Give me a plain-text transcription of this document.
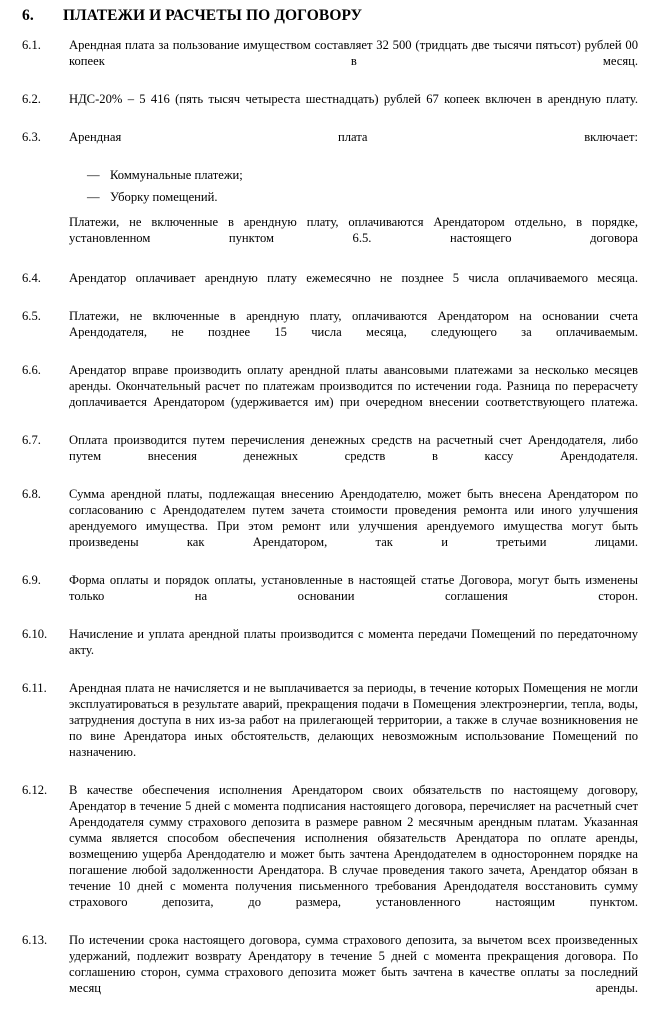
6.	ПЛАТЕЖИ И РАСЧЕТЫ ПО ДОГОВОРУ
6.1.	Арендная плата за пользование имуществом составляет 32 500 (тридцать две тысячи пятьсот) рублей 00 копеек в месяц.

6.2.	НДС-20% – 5 416 (пять тысяч четыреста шестнадцать) рублей 67 копеек включен в арендную плату.

6.3.	Арендная плата включает:

— Коммунальные платежи;
— Уборку помещений.

Платежи, не включенные в арендную плату, оплачиваются Арендатором отдельно, в порядке, установленном пунктом 6.5. настоящего договора

6.4.	Арендатор оплачивает арендную плату ежемесячно не позднее 5 числа оплачиваемого месяца.

6.5.	Платежи, не включенные в арендную плату, оплачиваются Арендатором на основании счета Арендодателя, не позднее 15 числа месяца, следующего за оплачиваемым.

6.6.	Арендатор вправе производить оплату арендной платы авансовыми платежами за несколько месяцев аренды. Окончательный расчет по платежам производится по истечении года. Разница по перерасчету доплачивается Арендатором (удерживается им) при очередном внесении соответствующего платежа.

6.7.	Оплата производится путем перечисления денежных средств на расчетный счет Арендодателя, либо путем внесения денежных средств в кассу Арендодателя.

6.8.	Сумма арендной платы, подлежащая внесению Арендодателю, может быть внесена Арендатором по согласованию с Арендодателем путем зачета стоимости проведения ремонта или иного улучшения арендуемого имущества. При этом ремонт или улучшения арендуемого имущества могут быть произведены как Арендатором, так и третьими лицами.

6.9.	Форма оплаты и порядок оплаты, установленные в настоящей статье Договора, могут быть изменены только на основании соглашения сторон.

6.10.	Начисление и уплата арендной платы производится с момента передачи Помещений по передаточному акту.

6.11.	Арендная плата не начисляется и не выплачивается за периоды, в течение которых Помещения не могли эксплуатироваться в результате аварий, прекращения подачи в Помещения электроэнергии, тепла, воды, затруднения доступа в них из-за работ на прилегающей территории, а также в случае возникновения не по вине Арендатора иных обстоятельств, делающих невозможным использование Помещений по назначению.

6.12.	В качестве обеспечения исполнения Арендатором своих обязательств по настоящему договору, Арендатор в течение 5 дней с момента подписания настоящего договора, перечисляет на расчетный счет Арендодателя сумму страхового депозита в размере равном 2 месячным арендным платам. Указанная сумма является способом обеспечения исполнения обязательств Арендатора по оплате аренды, возмещению ущерба Арендодателю и может быть зачтена Арендодателем в одностороннем порядке на погашение любой задолженности Арендатора. В случае проведения такого зачета, Арендатор обязан в течение 10 дней с момента получения письменного требования Арендодателя восстановить сумму страхового депозита, до размера, установленного настоящим пунктом.

6.13.	По истечении срока настоящего договора, сумма страхового депозита, за вычетом всех произведенных удержаний, подлежит возврату Арендатору в течение 5 дней с момента прекращения договора. По соглашению сторон, сумма страхового депозита может быть зачтена в качестве оплаты за последний месяц аренды.
